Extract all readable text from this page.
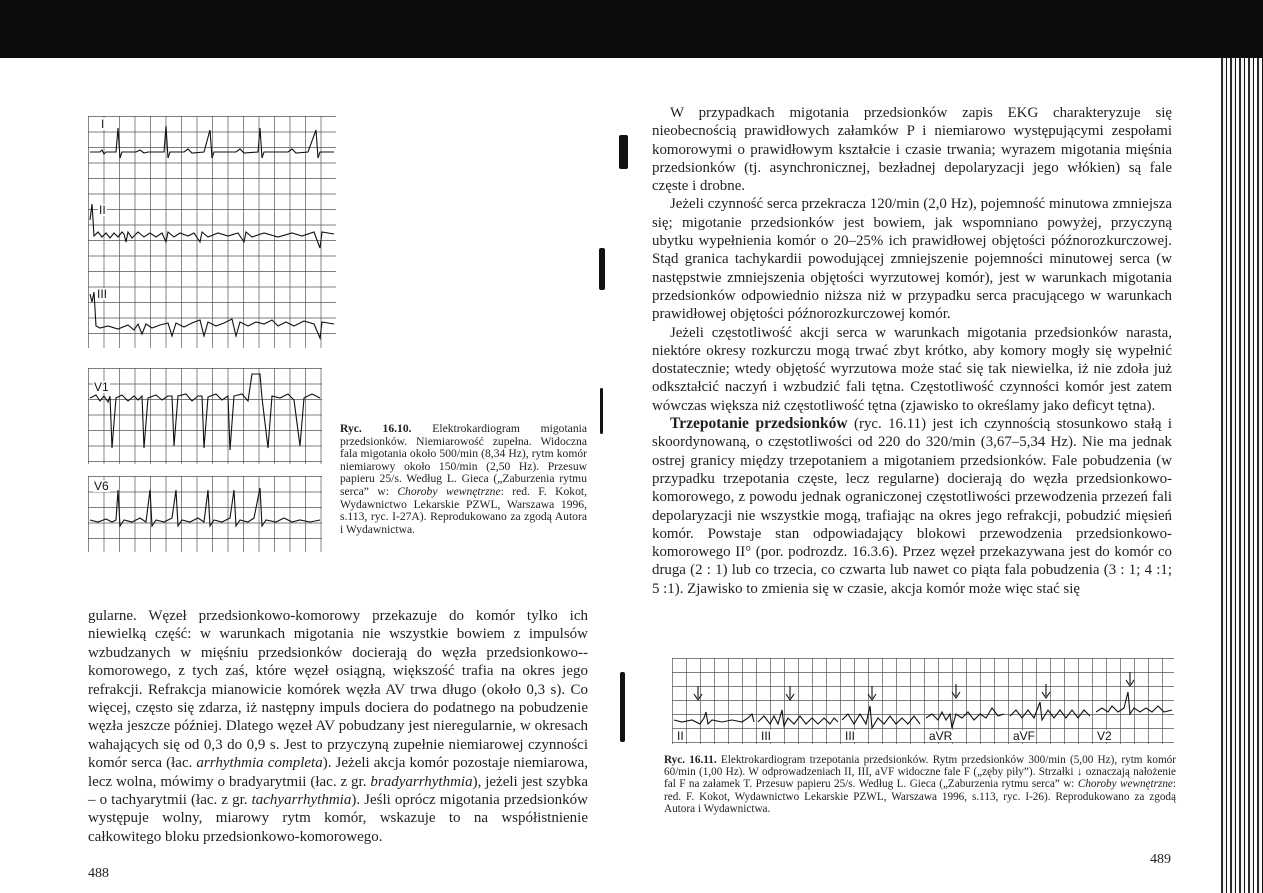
I
II
III
V1
V6
Ryc. 16.10. Elektrokardiogram migotania przedsionków. Niemiarowość zupełna. Widoczna fala migotania około 500/min (8,34 Hz), rytm komór niemiarowy około 150/min (2,50 Hz). Przesuw papieru 25/s. Według L. Gieca („Zaburzenia rytmu serca” w: Choroby wewnętrzne: red. F. Kokot, Wydawnictwo Lekarskie PZWL, Warszawa 1996, s.113, ryc. I-27A). Reprodukowano za zgodą Autora i Wydawnictwa.

gularne. Węzeł przedsionkowo-komorowy przekazuje do komór tylko ich niewielką część: w warunkach migotania nie wszystkie bowiem z impulsów wzbudzanych w mięśniu przedsionków docierają do węzła przedsionkowo--komorowego, z tych zaś, które węzeł osiągną, większość trafia na okres jego refrakcji. Refrakcja mianowicie komórek węzła AV trwa długo (około 0,3 s). Co więcej, często się zdarza, iż następny impuls dociera do podatnego na pobudzenie węzła jeszcze później. Dlatego węzeł AV pobudzany jest nieregularnie, w okresach wahających się od 0,3 do 0,9 s. Jest to przyczyną zupełnie niemiarowej czynności komór serca (łac. arrhythmia completa). Jeżeli akcja komór pozostaje niemiarowa, lecz wolna, mówimy o bradyarytmii (łac. z gr. bradyarrhythmia), jeżeli jest szybka – o tachyarytmii (łac. z gr. tachyarrhythmia). Jeśli oprócz migotania przedsionków występuje wolny, miarowy rytm komór, wskazuje to na współistnienie całkowitego bloku przedsionkowo-komorowego.

488

W przypadkach migotania przedsionków zapis EKG charakteryzuje się nieobecnością prawidłowych załamków P i niemiarowo występującymi zespołami komorowymi o prawidłowym kształcie i czasie trwania; wyrazem migotania mięśnia przedsionków (tj. asynchronicznej, bezładnej depolaryzacji jego włókien) są fale częste i drobne.

Jeżeli czynność serca przekracza 120/min (2,0 Hz), pojemność minutowa zmniejsza się; migotanie przedsionków jest bowiem, jak wspomniano powyżej, przyczyną ubytku wypełnienia komór o 20–25% ich prawidłowej objętości późnorozkurczowej. Stąd granica tachykardii powodującej zmniejszenie pojemności minutowej serca (w następstwie zmniejszenia objętości wyrzutowej komór), jest w warunkach migotania przedsionków odpowiednio niższa niż w przypadku serca pracującego w warunkach prawidłowej objętości późnorozkurczowej komór.

Jeżeli częstotliwość akcji serca w warunkach migotania przedsionków narasta, niektóre okresy rozkurczu mogą trwać zbyt krótko, aby komory mogły się wypełnić dostatecznie; wtedy objętość wyrzutowa może stać się tak niewielka, iż nie zdoła już odkształcić naczyń i wzbudzić fali tętna. Częstotliwość czynności komór jest zatem wówczas większa niż częstotliwość tętna (zjawisko to określamy jako deficyt tętna).

Trzepotanie przedsionków (ryc. 16.11) jest ich czynnością stosunkowo stałą i skoordynowaną, o częstotliwości od 220 do 320/min (3,67–5,34 Hz). Nie ma jednak ostrej granicy między trzepotaniem a migotaniem przedsionków. Fale pobudzenia (w przypadku trzepotania częste, lecz regularne) docierają do węzła przedsionkowo-komorowego, z powodu jednak ograniczonej częstotliwości przewodzenia przezeń fali depolaryzacji nie wszystkie mogą, trafiając na okres jego refrakcji, pobudzić mięsień komór. Powstaje stan odpowiadający blokowi przewodzenia przedsionkowo-komorowego II° (por. podrozdz. 16.3.6). Przez węzeł przekazywana jest do komór co druga (2 : 1) lub co trzecia, co czwarta lub nawet co piąta fala pobudzenia (3 : 1; 4 :1; 5 :1). Zjawisko to zmienia się w czasie, akcja komór może więc stać się

II	III	III	aVR	aVF	V2
Ryc. 16.11. Elektrokardiogram trzepotania przedsionków. Rytm przedsionków 300/min (5,00 Hz), rytm komór 60/min (1,00 Hz). W odprowadzeniach II, III, aVF widoczne fale F („zęby piły”). Strzałki ↓ oznaczają nałożenie fal F na załamek T. Przesuw papieru 25/s. Według L. Gieca („Zaburzenia rytmu serca” w: Choroby wewnętrzne: red. F. Kokot, Wydawnictwo Lekarskie PZWL, Warszawa 1996, s.113, ryc. I-26). Reprodukowano za zgodą Autora i Wydawnictwa.
489
